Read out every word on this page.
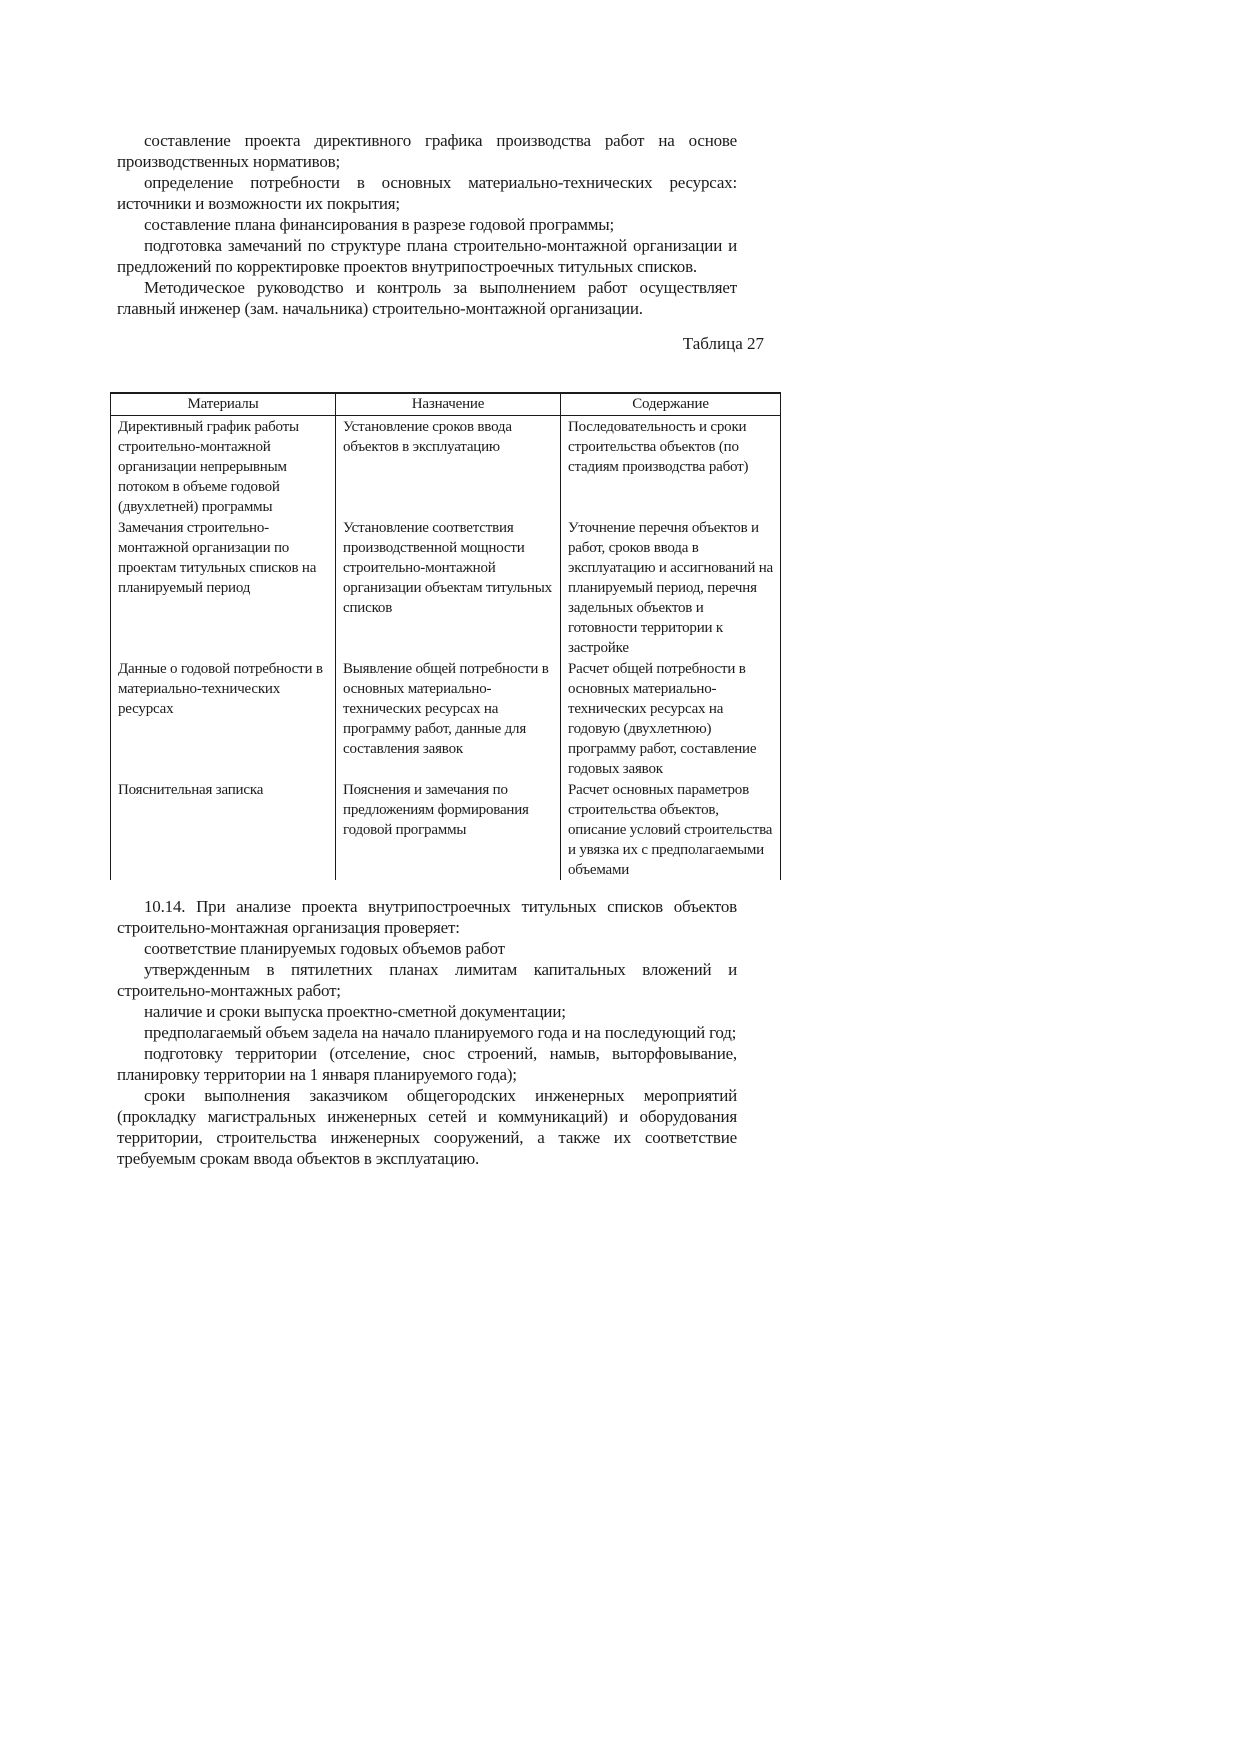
составление проекта директивного графика производства работ на основе производственных нормативов;

определение потребности в основных материально-технических ресурсах: источники и возможности их покрытия;

составление плана финансирования в разрезе годовой программы;

подготовка замечаний по структуре плана строительно-монтажной организации и предложений по корректировке проектов внутрипостроечных титульных списков.

Методическое руководство и контроль за выполнением работ осуществляет главный инженер (зам. начальника) строительно-монтажной организации.

Таблица 27
Материалы	Назначение	Содержание
Директивный график работы строительно-монтажной организации непрерывным потоком в объеме годовой (двухлетней) программы	Установление сроков ввода объектов в эксплуатацию	Последовательность и сроки строительства объектов (по стадиям производства работ)
Замечания строительно-монтажной организации по проектам титульных списков на планируемый период	Установление соответствия производственной мощности строительно-монтажной организации объектам титульных списков	Уточнение перечня объектов и работ, сроков ввода в эксплуатацию и ассигнований на планируемый период, перечня задельных объектов и готовности территории к застройке
Данные о годовой потребности в материально-технических ресурсах	Выявление общей потребности в основных материально-технических ресурсах на программу работ, данные для составления заявок	Расчет общей потребности в основных материально-технических ресурсах на годовую (двухлетнюю) программу работ, составление годовых заявок
Пояснительная записка	Пояснения и замечания по предложениям формирования годовой программы	Расчет основных параметров строительства объектов, описание условий строительства и увязка их с предполагаемыми объемами

10.14. При анализе проекта внутрипостроечных титульных списков объектов строительно-монтажная организация проверяет:

соответствие планируемых годовых объемов работ

утвержденным в пятилетних планах лимитам капитальных вложений и строительно-монтажных работ;

наличие и сроки выпуска проектно-сметной документации;

предполагаемый объем задела на начало планируемого года и на последующий год;

подготовку территории (отселение, снос строений, намыв, выторфовывание, планировку территории на 1 января планируемого года);

сроки выполнения заказчиком общегородских инженерных мероприятий (прокладку магистральных инженерных сетей и коммуникаций) и оборудования территории, строительства инженерных сооружений, а также их соответствие требуемым срокам ввода объектов в эксплуатацию.
